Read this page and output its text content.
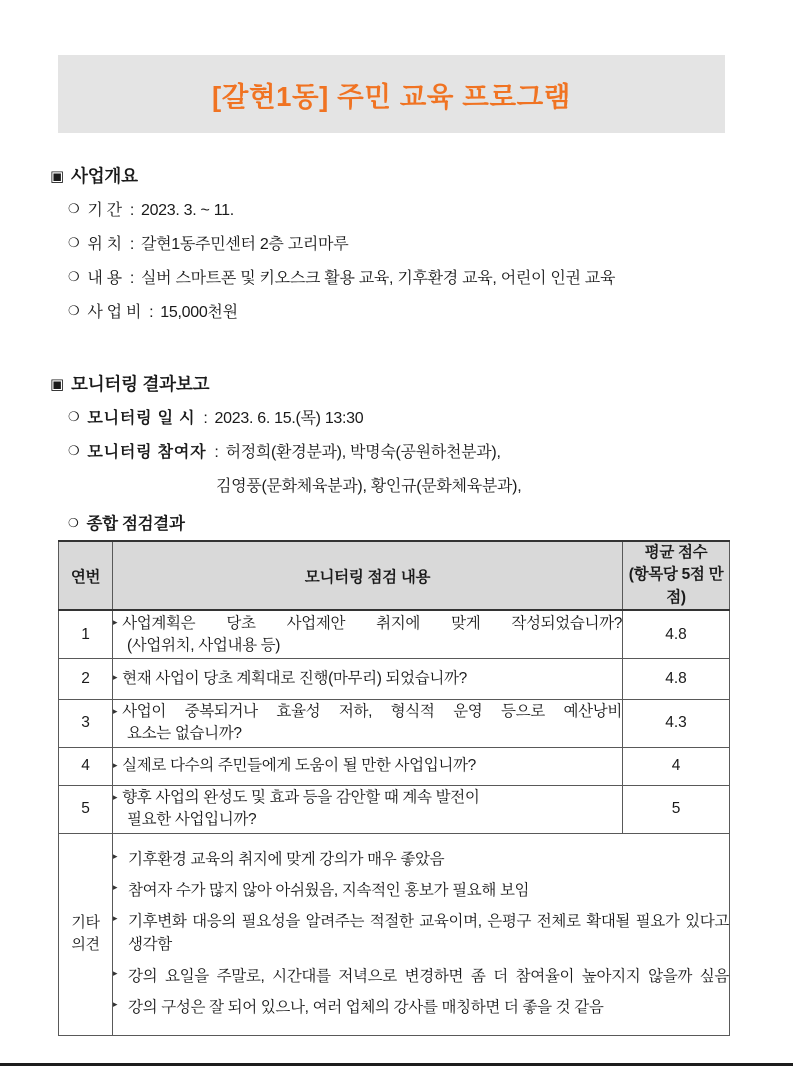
[갈현1동] 주민 교육 프로그램
▣ 사업개요
❍ 기 간 : 2023. 3. ~ 11.
❍ 위 치 : 갈현1동주민센터 2층 고리마루
❍ 내 용 : 실버 스마트폰 및 키오스크 활용 교육, 기후환경 교육, 어린이 인권 교육
❍ 사 업 비 : 15,000천원
▣ 모니터링 결과보고
❍ 모니터링 일 시 : 2023. 6. 15.(목) 13:30
❍ 모니터링 참여자 : 허정희(환경분과), 박명숙(공원하천분과),
김영풍(문화체육분과), 황인규(문화체육분과),
❍ 종합 점검결과
연번	모니터링 점검 내용	평균 점수
(항목당 5점 만점)

1	▸ 사업계획은 당초 사업제안 취지에 맞게 작성되었습니까?
(사업위치, 사업내용 등)	4.8
2	▸ 현재 사업이 당초 계획대로 진행(마무리) 되었습니까?	4.8
3	▸ 사업이 중복되거나 효율성 저하, 형식적 운영 등으로 예산낭비
요소는 없습니까?	4.3
4	▸ 실제로 다수의 주민들에게 도움이 될 만한 사업입니까?	4
5	▸ 향후 사업의 완성도 및 효과 등을 감안할 때 계속 발전이
필요한 사업입니까?	5

기타
의견

▸ 기후환경 교육의 취지에 맞게 강의가 매우 좋았음
▸ 참여자 수가 많지 않아 아쉬웠음, 지속적인 홍보가 필요해 보임
▸ 기후변화 대응의 필요성을 알려주는 적절한 교육이며, 은평구 전체로 확대될 필요가 있다고 생각함
▸ 강의 요일을 주말로, 시간대를 저녁으로 변경하면 좀 더 참여율이 높아지지 않을까 싶음
▸ 강의 구성은 잘 되어 있으나, 여러 업체의 강사를 매칭하면 더 좋을 것 같음
